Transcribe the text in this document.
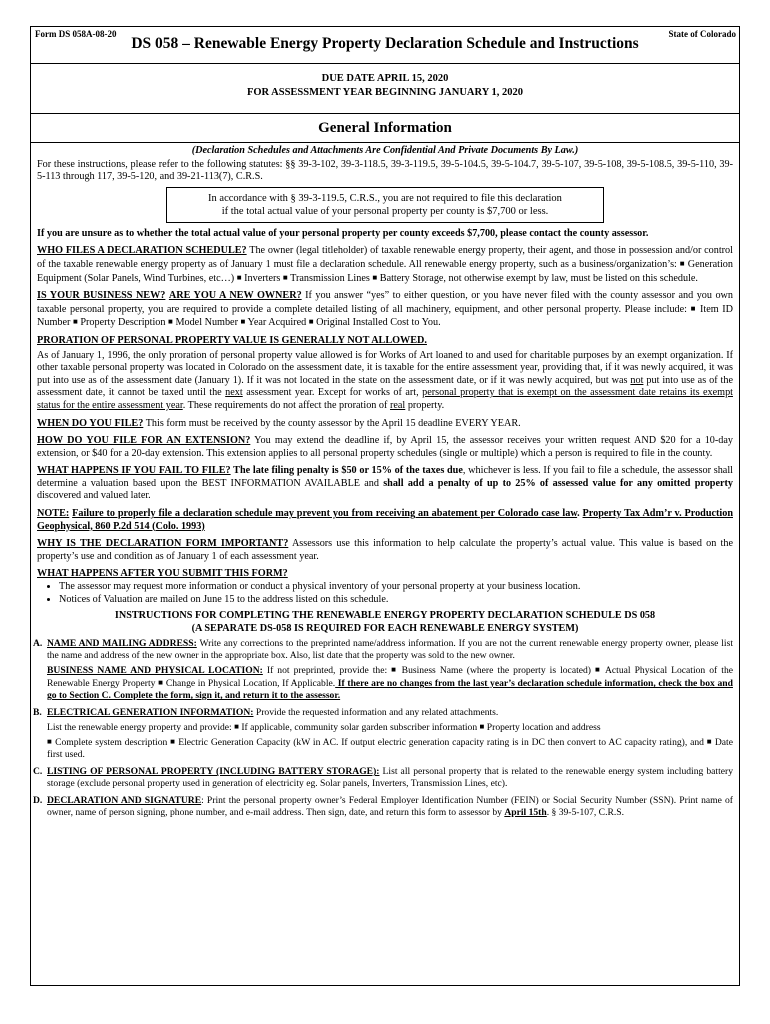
Form DS 058A-08-20
DS 058 – Renewable Energy Property Declaration Schedule and Instructions
State of Colorado
DUE DATE APRIL 15, 2020
FOR ASSESSMENT YEAR BEGINNING JANUARY 1, 2020
General Information

(Declaration Schedules and Attachments Are Confidential And Private Documents By Law.)

For these instructions, please refer to the following statutes: §§ 39-3-102, 39-3-118.5, 39-3-119.5, 39-5-104.5, 39-5-104.7, 39-5-107, 39-5-108, 39-5-108.5, 39-5-110, 39-5-113 through 117, 39-5-120, and 39-21-113(7), C.R.S.

In accordance with § 39-3-119.5, C.R.S., you are not required to file this declaration
if the total actual value of your personal property per county is $7,700 or less.

If you are unsure as to whether the total actual value of your personal property per county exceeds $7,700, please contact the county assessor.

WHO FILES A DECLARATION SCHEDULE? The owner (legal titleholder) of taxable renewable energy property, their agent, and those in possession and/or control of the taxable renewable energy property as of January 1 must file a declaration schedule. All renewable energy property, such as a business/organization’s: ■ Generation Equipment (Solar Panels, Wind Turbines, etc…) ■ Inverters ■ Transmission Lines ■ Battery Storage, not otherwise exempt by law, must be listed on this schedule.

IS YOUR BUSINESS NEW? ARE YOU A NEW OWNER? If you answer “yes” to either question, or you have never filed with the county assessor and you own taxable personal property, you are required to provide a complete detailed listing of all machinery, equipment, and other personal property. Please include: ■ Item ID Number ■ Property Description ■ Model Number ■ Year Acquired ■ Original Installed Cost to You.

PRORATION OF PERSONAL PROPERTY VALUE IS GENERALLY NOT ALLOWED.

As of January 1, 1996, the only proration of personal property value allowed is for Works of Art loaned to and used for charitable purposes by an exempt organization. If other taxable personal property was located in Colorado on the assessment date, it is taxable for the entire assessment year, providing that, if it was newly acquired, it was put into use as of the assessment date (January 1). If it was not located in the state on the assessment date, or if it was newly acquired, but was not put into use as of the assessment date, it cannot be taxed until the next assessment year. Except for works of art, personal property that is exempt on the assessment date retains its exempt status for the entire assessment year. These requirements do not affect the proration of real property.

WHEN DO YOU FILE? This form must be received by the county assessor by the April 15 deadline EVERY YEAR.

HOW DO YOU FILE FOR AN EXTENSION? You may extend the deadline if, by April 15, the assessor receives your written request AND $20 for a 10-day extension, or $40 for a 20-day extension. This extension applies to all personal property schedules (single or multiple) which a person is required to file in the county.

WHAT HAPPENS IF YOU FAIL TO FILE? The late filing penalty is $50 or 15% of the taxes due, whichever is less. If you fail to file a schedule, the assessor shall determine a valuation based upon the BEST INFORMATION AVAILABLE and shall add a penalty of up to 25% of assessed value for any omitted property discovered and valued later.

NOTE: Failure to properly file a declaration schedule may prevent you from receiving an abatement per Colorado case law. Property Tax Adm’r v. Production Geophysical, 860 P.2d 514 (Colo. 1993)

WHY IS THE DECLARATION FORM IMPORTANT? Assessors use this information to help calculate the property’s actual value. This value is based on the property’s use and condition as of January 1 of each assessment year.

WHAT HAPPENS AFTER YOU SUBMIT THIS FORM?

• The assessor may request more information or conduct a physical inventory of your personal property at your business location.
• Notices of Valuation are mailed on June 15 to the address listed on this schedule.
INSTRUCTIONS FOR COMPLETING THE RENEWABLE ENERGY PROPERTY DECLARATION SCHEDULE DS 058
(A SEPARATE DS-058 IS REQUIRED FOR EACH RENEWABLE ENERGY SYSTEM)
A. NAME AND MAILING ADDRESS: Write any corrections to the preprinted name/address information. If you are not the current renewable energy property owner, please list the name and address of the new owner in the appropriate box. Also, list date that the property was sold to the new owner.

BUSINESS NAME AND PHYSICAL LOCATION: If not preprinted, provide the: ■ Business Name (where the property is located) ■ Actual Physical Location of the Renewable Energy Property ■ Change in Physical Location, If Applicable. If there are no changes from the last year’s declaration schedule information, check the box and go to Section C. Complete the form, sign it, and return it to the assessor.

B. ELECTRICAL GENERATION INFORMATION: Provide the requested information and any related attachments.

List the renewable energy property and provide: ■ If applicable, community solar garden subscriber information ■ Property location and address

■ Complete system description ■ Electric Generation Capacity (kW in AC. If output electric generation capacity rating is in DC then convert to AC capacity rating), and ■ Date first used.

C. LISTING OF PERSONAL PROPERTY (INCLUDING BATTERY STORAGE): List all personal property that is related to the renewable energy system including battery storage (exclude personal property used in generation of electricity eg. Solar panels, Inverters, Transmission Lines, etc).

D. DECLARATION AND SIGNATURE: Print the personal property owner’s Federal Employer Identification Number (FEIN) or Social Security Number (SSN). Print name of owner, name of person signing, phone number, and e-mail address. Then sign, date, and return this form to assessor by April 15th. § 39-5-107, C.R.S.
